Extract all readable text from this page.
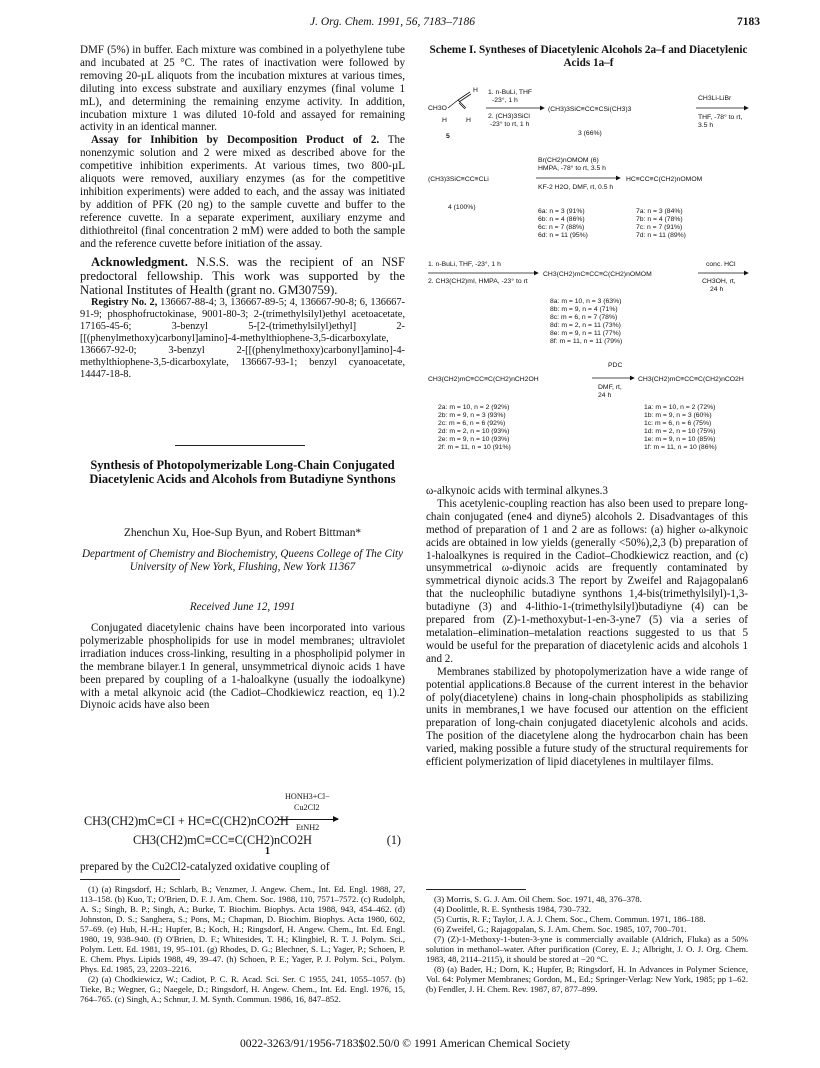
J. Org. Chem. 1991, 56, 7183–7186	7183

DMF (5%) in buffer. Each mixture was combined in a polyethylene tube and incubated at 25 °C. The rates of inactivation were followed by removing 20-µL aliquots from the incubation mixtures at various times, diluting into excess substrate and auxiliary enzymes (final volume 1 mL), and determining the remaining enzyme activity. In addition, incubation mixture 1 was diluted 10-fold and assayed for remaining activity in an identical manner.

Assay for Inhibition by Decomposition Product of 2. The nonenzymic solution and 2 were mixed as described above for the competitive inhibition experiments. At various times, two 800-µL aliquots were removed, auxiliary enzymes (as for the competitive inhibition experiments) were added to each, and the assay was initiated by addition of PFK (20 ng) to the sample cuvette and buffer to the reference cuvette. In a separate experiment, auxiliary enzyme and dithiothreitol (final concentration 2 mM) were added to both the sample and the reference cuvette before initiation of the assay.

Acknowledgment. N.S.S. was the recipient of an NSF predoctoral fellowship. This work was supported by the National Institutes of Health (grant no. GM30759).

Registry No. 2, 136667-88-4; 3, 136667-89-5; 4, 136667-90-8; 6, 136667-91-9; phosphofructokinase, 9001-80-3; 2-(trimethylsilyl)ethyl acetoacetate, 17165-45-6; 3-benzyl 5-[2-(trimethylsilyl)ethyl] 2-[[(phenylmethoxy)carbonyl]amino]-4-methylthiophene-3,5-dicarboxylate, 136667-92-0; 3-benzyl 2-[[(phenylmethoxy)carbonyl]amino]-4-methylthiophene-3,5-dicarboxylate, 136667-93-1; benzyl cyanoacetate, 14447-18-8.

Synthesis of Photopolymerizable Long-Chain Conjugated Diacetylenic Acids and Alcohols from Butadiyne Synthons
Zhenchun Xu, Hoe-Sup Byun, and Robert Bittman*
Department of Chemistry and Biochemistry, Queens College of The City University of New York, Flushing, New York 11367
Received June 12, 1991

Conjugated diacetylenic chains have been incorporated into various polymerizable phospholipids for use in model membranes; ultraviolet irradiation induces cross-linking, resulting in a phospholipid polymer in the membrane bilayer.1 In general, unsymmetrical diynoic acids 1 have been prepared by coupling of a 1-haloalkyne (usually the iodoalkyne) with a metal alkynoic acid (the Cadiot–Chodkiewicz reaction, eq 1).2 Diynoic acids have also been

HONH3+Cl−
Cu2Cl2
CH3(CH2)mC≡CI + HC≡C(CH2)nCO2H EtNH2
CH3(CH2)mC≡CC≡C(CH2)nCO2H
1
(1)
prepared by the Cu2Cl2-catalyzed oxidative coupling of

(1) (a) Ringsdorf, H.; Schlarb, B.; Venzmer, J. Angew. Chem., Int. Ed. Engl. 1988, 27, 113–158. (b) Kuo, T.; O'Brien, D. F. J. Am. Chem. Soc. 1988, 110, 7571–7572. (c) Rudolph, A. S.; Singh, B. P.; Singh, A.; Burke, T. Biochim. Biophys. Acta 1988, 943, 454–462. (d) Johnston, D. S.; Sanghera, S.; Pons, M.; Chapman, D. Biochim. Biophys. Acta 1980, 602, 57–69. (e) Hub, H.-H.; Hupfer, B.; Koch, H.; Ringsdorf, H. Angew. Chem., Int. Ed. Engl. 1980, 19, 938–940. (f) O'Brien, D. F.; Whitesides, T. H.; Klingbiel, R. T. J. Polym. Sci., Polym. Lett. Ed. 1981, 19, 95–101. (g) Rhodes, D. G.; Blechner, S. L.; Yager, P.; Schoen, P. E. Chem. Phys. Lipids 1988, 49, 39–47. (h) Schoen, P. E.; Yager, P. J. Polym. Sci., Polym. Phys. Ed. 1985, 23, 2203–2216.

(2) (a) Chodkiewicz, W.; Cadiot, P. C. R. Acad. Sci. Ser. C 1955, 241, 1055–1057. (b) Tieke, B.; Wegner, G.; Naegele, D.; Ringsdorf, H. Angew. Chem., Int. Ed. Engl. 1976, 15, 764–765. (c) Singh, A.; Schnur, J. M. Synth. Commun. 1986, 16, 847–852.

ω-alkynoic acids with terminal alkynes.3

This acetylenic-coupling reaction has also been used to prepare long-chain conjugated (ene4 and diyne5) alcohols 2. Disadvantages of this method of preparation of 1 and 2 are as follows: (a) higher ω-alkynoic acids are obtained in low yields (generally <50%),2,3 (b) preparation of 1-haloalkynes is required in the Cadiot–Chodkiewicz reaction, and (c) unsymmetrical ω-diynoic acids are frequently contaminated by symmetrical diynoic acids.3 The report by Zweifel and Rajagopalan6 that the nucleophilic butadiyne synthons 1,4-bis(trimethylsilyl)-1,3-butadiyne (3) and 4-lithio-1-(trimethylsilyl)butadiyne (4) can be prepared from (Z)-1-methoxybut-1-en-3-yne7 (5) via a series of metalation–elimination–metalation reactions suggested to us that 5 would be useful for the preparation of diacetylenic acids and alcohols 1 and 2.

Membranes stabilized by photopolymerization have a wide range of potential applications.8 Because of the current interest in the behavior of poly(diacetylene) chains in long-chain phospholipids as stabilizing units in membranes,1 we have focused our attention on the efficient preparation of long-chain conjugated diacetylenic alcohols and acids. The position of the diacetylene along the hydrocarbon chain has been varied, making possible a future study of the structural requirements for efficient polymerization of lipid diacetylenes in multilayer films.

(3) Morris, S. G. J. Am. Oil Chem. Soc. 1971, 48, 376–378.

(4) Doolittle, R. E. Synthesis 1984, 730–732.

(5) Curtis, R. F.; Taylor, J. A. J. Chem. Soc., Chem. Commun. 1971, 186–188.

(6) Zweifel, G.; Rajagopalan, S. J. Am. Chem. Soc. 1985, 107, 700–701.

(7) (Z)-1-Methoxy-1-buten-3-yne is commercially available (Aldrich, Fluka) as a 50% solution in methanol–water. After purification (Corey, E. J.; Albright, J. O. J. Org. Chem. 1983, 48, 2114–2115), it should be stored at −20 °C.

(8) (a) Bader, H.; Dorn, K.; Hupfer, B; Ringsdorf, H. In Advances in Polymer Science, Vol. 64: Polymer Membranes; Gordon, M., Ed.; Springer-Verlag: New York, 1985; pp 1–62. (b) Fendler, J. H. Chem. Rev. 1987, 87, 877–899.

0022-3263/91/1956-7183$02.50/0 © 1991 American Chemical Society
Scheme I. Syntheses of Diacetylenic Alcohols 2a–f and Diacetylenic Acids 1a–f
CH3O
H
H	H
5
1. n-BuLi, THF
-23°, 1 h
2. (CH3)3SiCl
-23° to rt, 1 h
(CH3)3SiC≡CC≡CSi(CH3)3
3 (66%)
CH3Li-LiBr
THF, -78° to rt,
3.5 h
Br(CH2)nOMOM (6)
HMPA, -78° to rt, 3.5 h
(CH3)3SiC≡CC≡CLi
KF-2 H2O, DMF, rt, 0.5 h
HC≡CC≡C(CH2)nOMOM
4 (100%)
6a: n = 3 (91%)
6b: n = 4 (86%)
6c: n = 7 (88%)
6d: n = 11 (95%)
7a: n = 3 (84%)
7b: n = 4 (78%)
7c: n = 7 (91%)
7d: n = 11 (89%)
1. n-BuLi, THF, -23°, 1 h
2. CH3(CH2)mI, HMPA, -23° to rt
CH3(CH2)mC≡CC≡C(CH2)nOMOM
conc. HCl
CH3OH, rt,
24 h
8a: m = 10, n = 3 (63%)
8b: m = 9, n = 4 (71%)
8c: m = 6, n = 7 (78%)
8d: m = 2, n = 11 (73%)
8e: m = 9, n = 11 (77%)
8f: m = 11, n = 11 (79%)
PDC
CH3(CH2)mC≡CC≡C(CH2)nCH2OH
DMF, rt,
24 h
CH3(CH2)mC≡CC≡C(CH2)nCO2H
2a: m = 10, n = 2 (92%)
2b: m = 9, n = 3 (93%)
2c: m = 6, n = 6 (92%)
2d: m = 2, n = 10 (93%)
2e: m = 9, n = 10 (93%)
2f: m = 11, n = 10 (91%)
1a: m = 10, n = 2 (72%)
1b: m = 9, n = 3 (60%)
1c: m = 6, n = 6 (75%)
1d: m = 2, n = 10 (75%)
1e: m = 9, n = 10 (85%)
1f: m = 11, n = 10 (86%)
